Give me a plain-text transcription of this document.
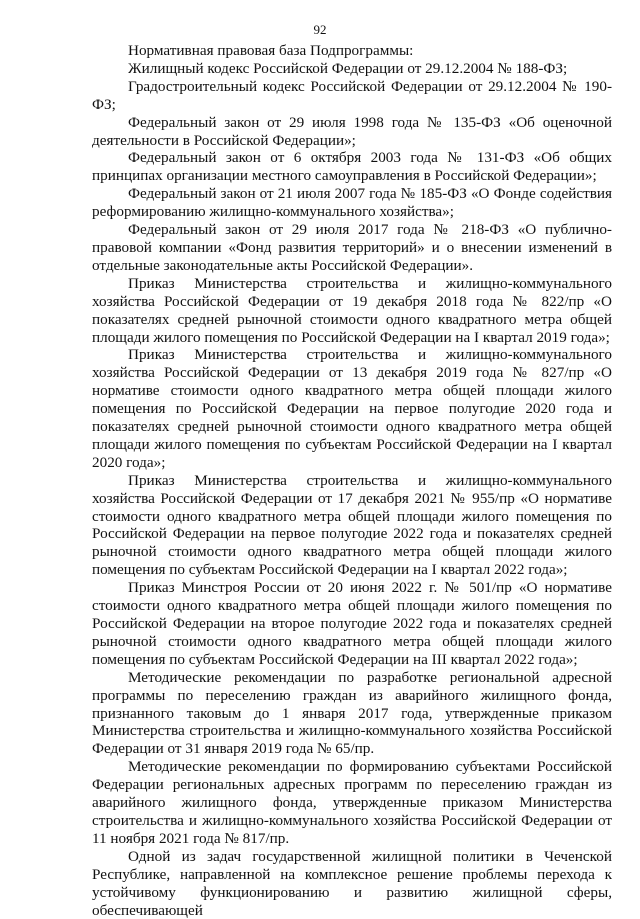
92

Нормативная правовая база Подпрограммы:

Жилищный кодекс Российской Федерации от 29.12.2004 № 188-ФЗ;

Градостроительный кодекс Российской Федерации от 29.12.2004 № 190-ФЗ;

Федеральный закон от 29 июля 1998 года № 135-ФЗ «Об оценочной деятельности в Российской Федерации»;

Федеральный закон от 6 октября 2003 года № 131-ФЗ «Об общих принципах организации местного самоуправления в Российской Федерации»;

Федеральный закон от 21 июля 2007 года № 185-ФЗ «О Фонде содействия реформированию жилищно-коммунального хозяйства»;

Федеральный закон от 29 июля 2017 года № 218-ФЗ «О публично-правовой компании «Фонд развития территорий» и о внесении изменений в отдельные законодательные акты Российской Федерации».

Приказ Министерства строительства и жилищно-коммунального хозяйства Российской Федерации от 19 декабря 2018 года № 822/пр «О показателях средней рыночной стоимости одного квадратного метра общей площади жилого помещения по Российской Федерации на I квартал 2019 года»;

Приказ Министерства строительства и жилищно-коммунального хозяйства Российской Федерации от 13 декабря 2019 года № 827/пр «О нормативе стоимости одного квадратного метра общей площади жилого помещения по Российской Федерации на первое полугодие 2020 года и показателях средней рыночной стоимости одного квадратного метра общей площади жилого помещения по субъектам Российской Федерации на I квартал 2020 года»;

Приказ Министерства строительства и жилищно-коммунального хозяйства Российской Федерации от 17 декабря 2021 № 955/пр «О нормативе стоимости одного квадратного метра общей площади жилого помещения по Российской Федерации на первое полугодие 2022 года и показателях средней рыночной стоимости одного квадратного метра общей площади жилого помещения по субъектам Российской Федерации на I квартал 2022 года»;

Приказ Минстроя России от 20 июня 2022 г. № 501/пр «О нормативе стоимости одного квадратного метра общей площади жилого помещения по Российской Федерации на второе полугодие 2022 года и показателях средней рыночной стоимости одного квадратного метра общей площади жилого помещения по субъектам Российской Федерации на III квартал 2022 года»;

Методические рекомендации по разработке региональной адресной программы по переселению граждан из аварийного жилищного фонда, признанного таковым до 1 января 2017 года, утвержденные приказом Министерства строительства и жилищно-коммунального хозяйства Российской Федерации от 31 января 2019 года № 65/пр.

Методические рекомендации по формированию субъектами Российской Федерации региональных адресных программ по переселению граждан из аварийного жилищного фонда, утвержденные приказом Министерства строительства и жилищно-коммунального хозяйства Российской Федерации от 11 ноября 2021 года № 817/пр.

Одной из задач государственной жилищной политики в Чеченской Республике, направленной на комплексное решение проблемы перехода к устойчивому функционированию и развитию жилищной сферы, обеспечивающей
